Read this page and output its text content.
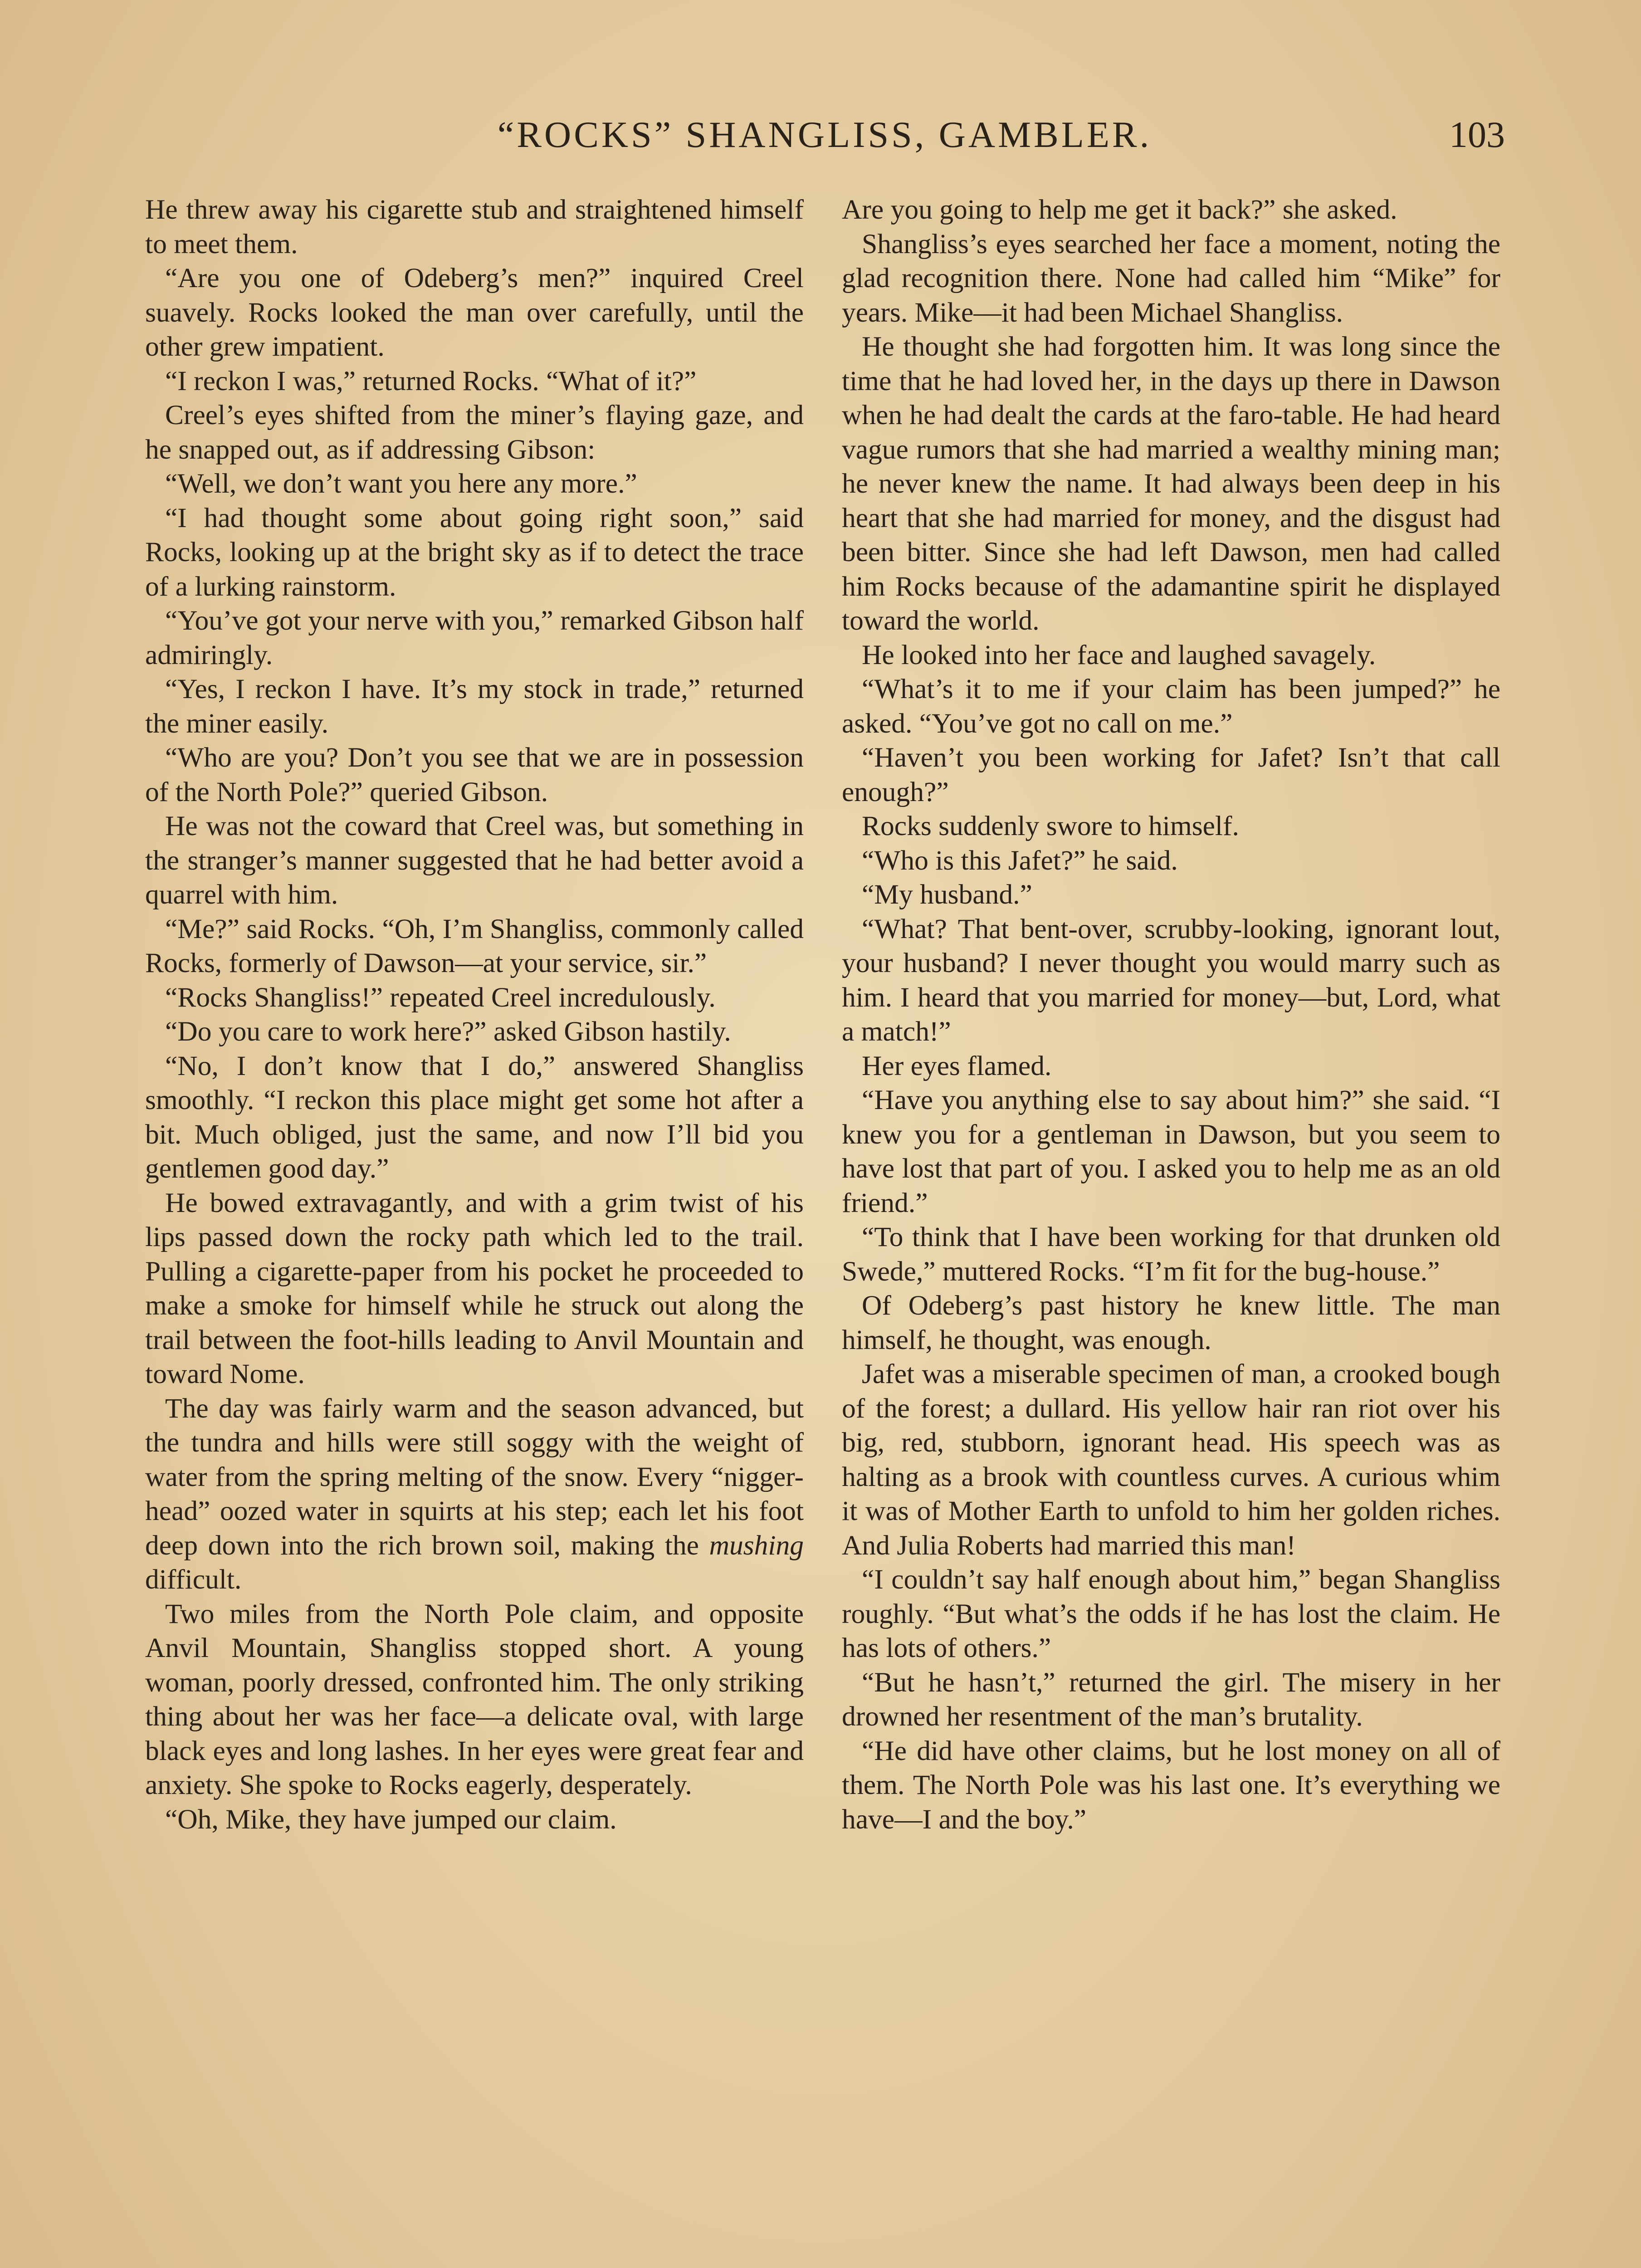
“ROCKS” SHANGLISS, GAMBLER.	103

He threw away his cigarette stub and straightened himself to meet them.

“Are you one of Odeberg’s men?” inquired Creel suavely. Rocks looked the man over carefully, until the other grew impatient.

“I reckon I was,” returned Rocks. “What of it?”

Creel’s eyes shifted from the miner’s flaying gaze, and he snapped out, as if addressing Gibson:

“Well, we don’t want you here any more.”

“I had thought some about going right soon,” said Rocks, looking up at the bright sky as if to detect the trace of a lurking rainstorm.

“You’ve got your nerve with you,” remarked Gibson half admiringly.

“Yes, I reckon I have. It’s my stock in trade,” returned the miner easily.

“Who are you? Don’t you see that we are in possession of the North Pole?” queried Gibson.

He was not the coward that Creel was, but something in the stranger’s manner suggested that he had better avoid a quarrel with him.

“Me?” said Rocks. “Oh, I’m Shangliss, commonly called Rocks, formerly of Dawson—at your service, sir.”

“Rocks Shangliss!” repeated Creel incredulously.

“Do you care to work here?” asked Gibson hastily.

“No, I don’t know that I do,” answered Shangliss smoothly. “I reckon this place might get some hot after a bit. Much obliged, just the same, and now I’ll bid you gentlemen good day.”

He bowed extravagantly, and with a grim twist of his lips passed down the rocky path which led to the trail. Pulling a cigarette-paper from his pocket he proceeded to make a smoke for himself while he struck out along the trail between the foot-hills leading to Anvil Mountain and toward Nome.

The day was fairly warm and the season advanced, but the tundra and hills were still soggy with the weight of water from the spring melting of the snow. Every “nigger-head” oozed water in squirts at his step; each let his foot deep down into the rich brown soil, making the mushing difficult.

Two miles from the North Pole claim, and opposite Anvil Mountain, Shangliss stopped short. A young woman, poorly dressed, confronted him. The only striking thing about her was her face—a delicate oval, with large black eyes and long lashes. In her eyes were great fear and anxiety. She spoke to Rocks eagerly, desperately.

“Oh, Mike, they have jumped our claim.

Are you going to help me get it back?” she asked.

Shangliss’s eyes searched her face a moment, noting the glad recognition there. None had called him “Mike” for years. Mike—it had been Michael Shangliss.

He thought she had forgotten him. It was long since the time that he had loved her, in the days up there in Dawson when he had dealt the cards at the faro-table. He had heard vague rumors that she had married a wealthy mining man; he never knew the name. It had always been deep in his heart that she had married for money, and the disgust had been bitter. Since she had left Dawson, men had called him Rocks because of the adamantine spirit he displayed toward the world.

He looked into her face and laughed savagely.

“What’s it to me if your claim has been jumped?” he asked. “You’ve got no call on me.”

“Haven’t you been working for Jafet? Isn’t that call enough?”

Rocks suddenly swore to himself.

“Who is this Jafet?” he said.

“My husband.”

“What? That bent-over, scrubby-looking, ignorant lout, your husband? I never thought you would marry such as him. I heard that you married for money—but, Lord, what a match!”

Her eyes flamed.

“Have you anything else to say about him?” she said. “I knew you for a gentleman in Dawson, but you seem to have lost that part of you. I asked you to help me as an old friend.”

“To think that I have been working for that drunken old Swede,” muttered Rocks. “I’m fit for the bug-house.”

Of Odeberg’s past history he knew little. The man himself, he thought, was enough.

Jafet was a miserable specimen of man, a crooked bough of the forest; a dullard. His yellow hair ran riot over his big, red, stubborn, ignorant head. His speech was as halting as a brook with countless curves. A curious whim it was of Mother Earth to unfold to him her golden riches. And Julia Roberts had married this man!

“I couldn’t say half enough about him,” began Shangliss roughly. “But what’s the odds if he has lost the claim. He has lots of others.”

“But he hasn’t,” returned the girl. The misery in her drowned her resentment of the man’s brutality.

“He did have other claims, but he lost money on all of them. The North Pole was his last one. It’s everything we have—I and the boy.”
